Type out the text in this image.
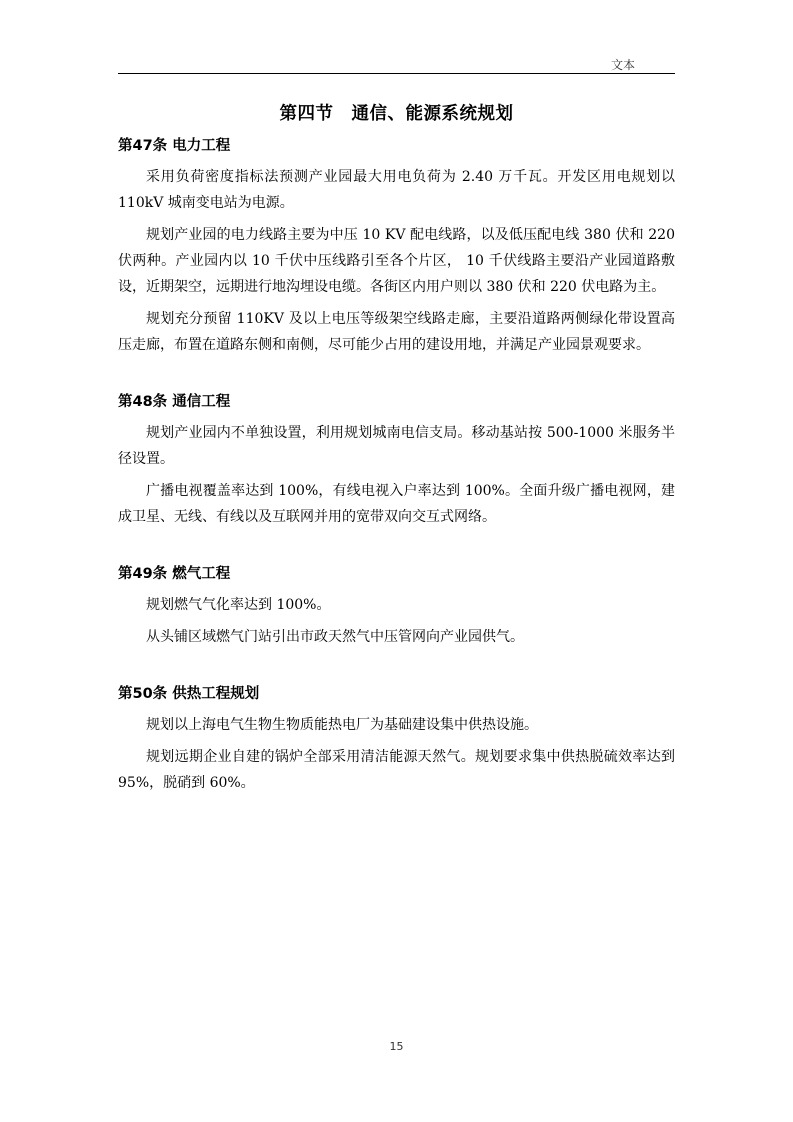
文本
第四节　通信、能源系统规划
第47条 电力工程

采用负荷密度指标法预测产业园最大用电负荷为 2.40 万千瓦。开发区用电规划以 110kV 城南变电站为电源。

规划产业园的电力线路主要为中压 10 KV 配电线路，以及低压配电线 380 伏和 220 伏两种。产业园内以 10 千伏中压线路引至各个片区， 10 千伏线路主要沿产业园道路敷设，近期架空，远期进行地沟埋设电缆。各街区内用户则以 380 伏和 220 伏电路为主。

规划充分预留 110KV 及以上电压等级架空线路走廊，主要沿道路两侧绿化带设置高压走廊，布置在道路东侧和南侧，尽可能少占用的建设用地，并满足产业园景观要求。

第48条 通信工程

规划产业园内不单独设置，利用规划城南电信支局。移动基站按 500-1000 米服务半径设置。

广播电视覆盖率达到 100%，有线电视入户率达到 100%。全面升级广播电视网，建成卫星、无线、有线以及互联网并用的宽带双向交互式网络。

第49条 燃气工程

规划燃气气化率达到 100%。

从头铺区域燃气门站引出市政天然气中压管网向产业园供气。

第50条 供热工程规划

规划以上海电气生物生物质能热电厂为基础建设集中供热设施。

规划远期企业自建的锅炉全部采用清洁能源天然气。规划要求集中供热脱硫效率达到 95%，脱硝到 60%。

15
